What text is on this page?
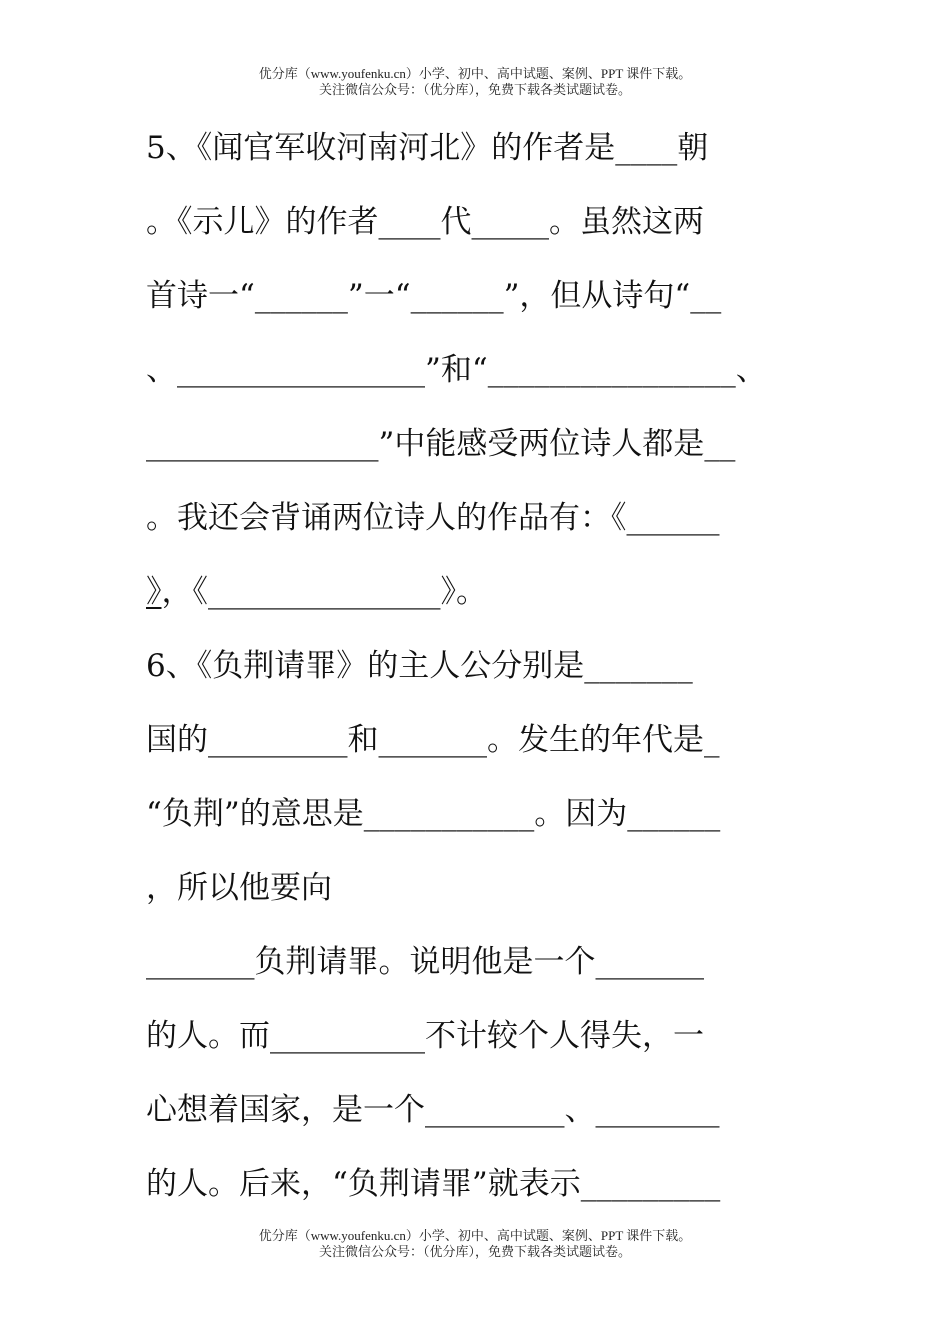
优分库（www.youfenku.cn）小学、初中、高中试题、案例、PPT 课件下载。
关注微信公众号：（优分库），免费下载各类试题试卷。
5、《闻官军收河南河北》的作者是____朝
。《示儿》的作者____代_____。虽然这两
首诗一“______”一“______”，但从诗句“__
、________________”和“________________、
_______________”中能感受两位诗人都是__
。我还会背诵两位诗人的作品有：《______
》，《_______________》。
6、《负荆请罪》的主人公分别是_______
国的_________和_______。发生的年代是_
“负荆”的意思是___________。因为______
，所以他要向
_______负荆请罪。说明他是一个_______
的人。而__________不计较个人得失，一
心想着国家，是一个_________、________
的人。后来，“负荆请罪”就表示_________
优分库（www.youfenku.cn）小学、初中、高中试题、案例、PPT 课件下载。
关注微信公众号：（优分库），免费下载各类试题试卷。
